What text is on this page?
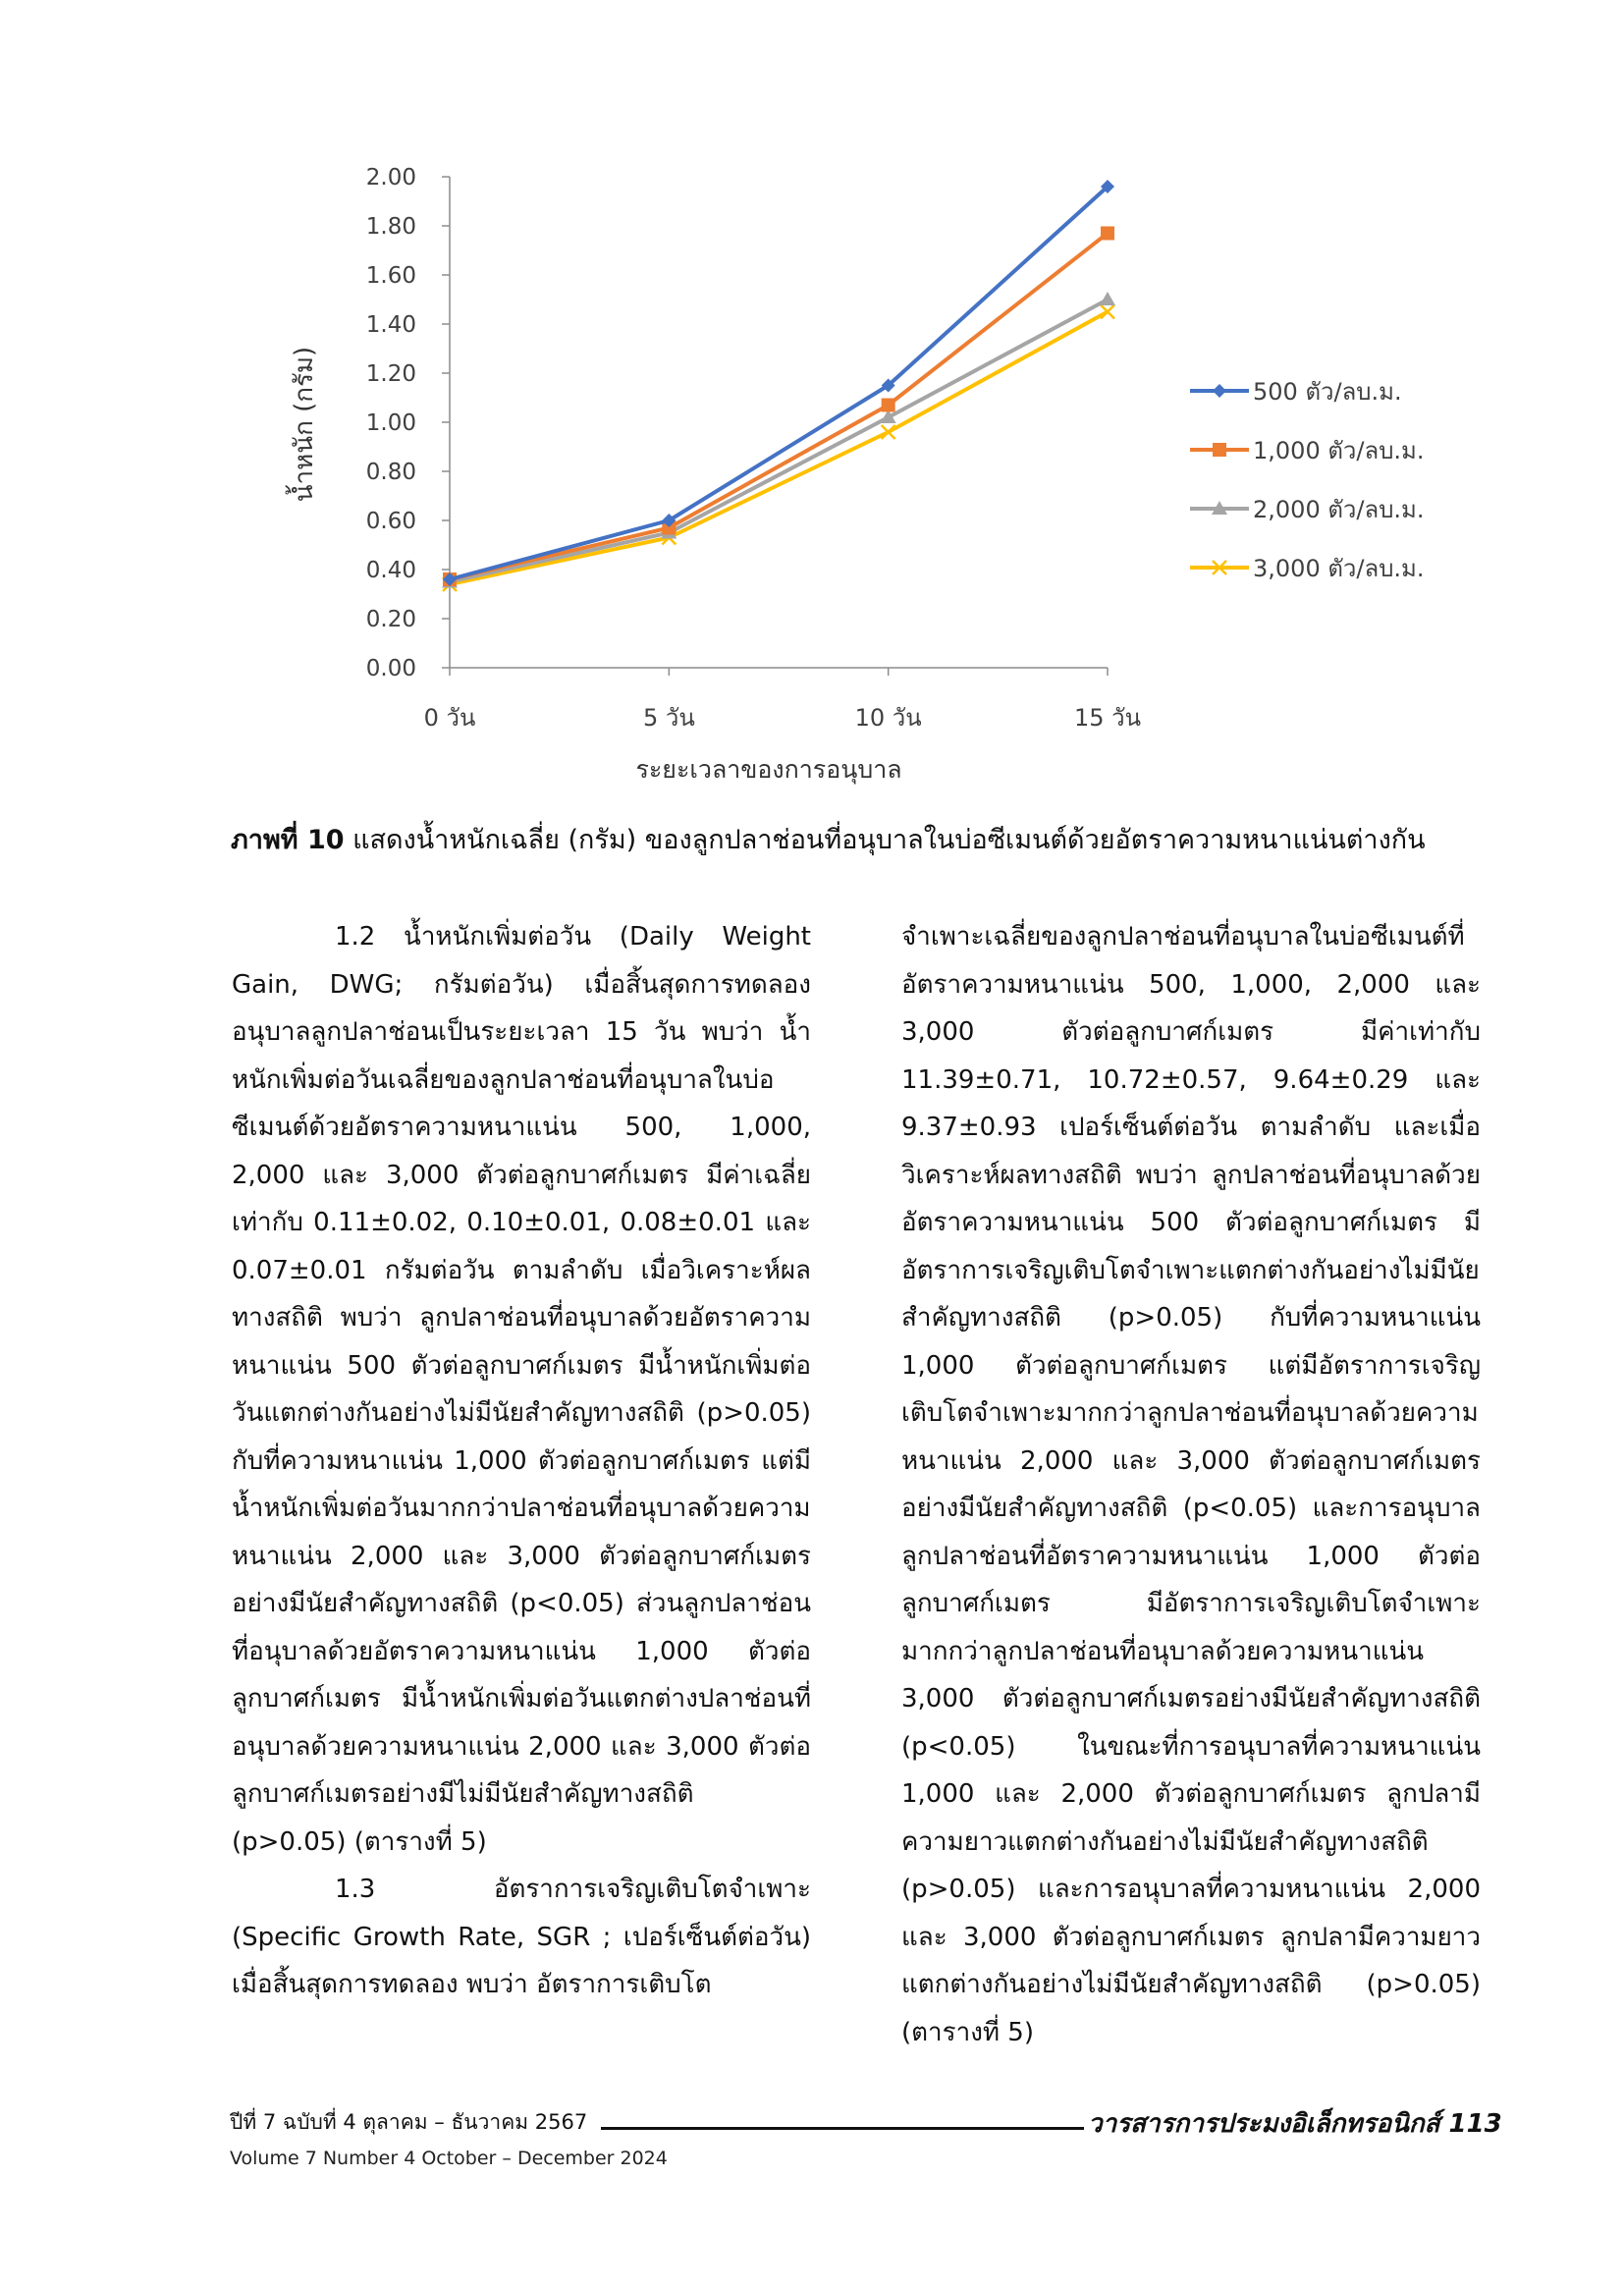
0.00
0.20
0.40
0.60
0.80
1.00
1.20
1.40
1.60
1.80
2.00
0 วัน	5 วัน	10 วัน	15 วัน
500 ตัว/ลบ.ม.
1,000 ตัว/ลบ.ม.
2,000 ตัว/ลบ.ม.
3,000 ตัว/ลบ.ม.
น้ำหนัก (กรัม)
ระยะเวลาของการอนุบาล
ภาพที่ 10 แสดงน้ำหนักเฉลี่ย (กรัม) ของลูกปลาช่อนที่อนุบาลในบ่อซีเมนต์ด้วยอัตราความหนาแน่นต่างกัน

1.2 น้ำหนักเพิ่มต่อวัน (Daily Weight Gain, DWG; กรัมต่อวัน) เมื่อสิ้นสุดการทดลองอนุบาลลูกปลาช่อนเป็นระยะเวลา 15 วัน พบว่า น้ำหนักเพิ่มต่อวันเฉลี่ยของลูกปลาช่อนที่อนุบาลในบ่อซีเมนต์ด้วยอัตราความหนาแน่น 500, 1,000, 2,000 และ 3,000 ตัวต่อลูกบาศก์เมตร มีค่าเฉลี่ยเท่ากับ 0.11±0.02, 0.10±0.01, 0.08±0.01 และ 0.07±0.01 กรัมต่อวัน ตามลำดับ เมื่อวิเคราะห์ผลทางสถิติ พบว่า ลูกปลาช่อนที่อนุบาลด้วยอัตราความหนาแน่น 500 ตัวต่อลูกบาศก์เมตร มีน้ำหนักเพิ่มต่อวันแตกต่างกันอย่างไม่มีนัยสำคัญทางสถิติ (p>0.05) กับที่ความหนาแน่น 1,000 ตัวต่อลูกบาศก์เมตร แต่มีน้ำหนักเพิ่มต่อวันมากกว่าปลาช่อนที่อนุบาลด้วยความหนาแน่น 2,000 และ 3,000 ตัวต่อลูกบาศก์เมตรอย่างมีนัยสำคัญทางสถิติ (p<0.05) ส่วนลูกปลาช่อนที่อนุบาลด้วยอัตราความหนาแน่น 1,000 ตัวต่อลูกบาศก์เมตร มีน้ำหนักเพิ่มต่อวันแตกต่างปลาช่อนที่อนุบาลด้วยความหนาแน่น 2,000 และ 3,000 ตัวต่อลูกบาศก์เมตรอย่างมีไม่มีนัยสำคัญทางสถิติ (p>0.05) (ตารางที่ 5)

1.3 อัตราการเจริญเติบโตจำเพาะ (Specific Growth Rate, SGR ; เปอร์เซ็นต์ต่อวัน) เมื่อสิ้นสุดการทดลอง พบว่า อัตราการเติบโต

จำเพาะเฉลี่ยของลูกปลาช่อนที่อนุบาลในบ่อซีเมนต์ที่อัตราความหนาแน่น 500, 1,000, 2,000 และ 3,000 ตัวต่อลูกบาศก์เมตร มีค่าเท่ากับ 11.39±0.71, 10.72±0.57, 9.64±0.29 และ 9.37±0.93 เปอร์เซ็นต์ต่อวัน ตามลำดับ และเมื่อวิเคราะห์ผลทางสถิติ พบว่า ลูกปลาช่อนที่อนุบาลด้วยอัตราความหนาแน่น 500 ตัวต่อลูกบาศก์เมตร มีอัตราการเจริญเติบโตจำเพาะแตกต่างกันอย่างไม่มีนัยสำคัญทางสถิติ (p>0.05) กับที่ความหนาแน่น 1,000 ตัวต่อลูกบาศก์เมตร แต่มีอัตราการเจริญเติบโตจำเพาะมากกว่าลูกปลาช่อนที่อนุบาลด้วยความหนาแน่น 2,000 และ 3,000 ตัวต่อลูกบาศก์เมตรอย่างมีนัยสำคัญทางสถิติ (p<0.05) และการอนุบาลลูกปลาช่อนที่อัตราความหนาแน่น 1,000 ตัวต่อลูกบาศก์เมตร มีอัตราการเจริญเติบโตจำเพาะมากกว่าลูกปลาช่อนที่อนุบาลด้วยความหนาแน่น 3,000 ตัวต่อลูกบาศก์เมตรอย่างมีนัยสำคัญทางสถิติ (p<0.05) ในขณะที่การอนุบาลที่ความหนาแน่น 1,000 และ 2,000 ตัวต่อลูกบาศก์เมตร ลูกปลามีความยาวแตกต่างกันอย่างไม่มีนัยสำคัญทางสถิติ (p>0.05) และการอนุบาลที่ความหนาแน่น 2,000 และ 3,000 ตัวต่อลูกบาศก์เมตร ลูกปลามีความยาวแตกต่างกันอย่างไม่มีนัยสำคัญทางสถิติ (p>0.05) (ตารางที่ 5)

ปีที่ 7 ฉบับที่ 4 ตุลาคม – ธันวาคม 2567
Volume 7 Number 4 October – December 2024
วารสารการประมงอิเล็กทรอนิกส์ 113
